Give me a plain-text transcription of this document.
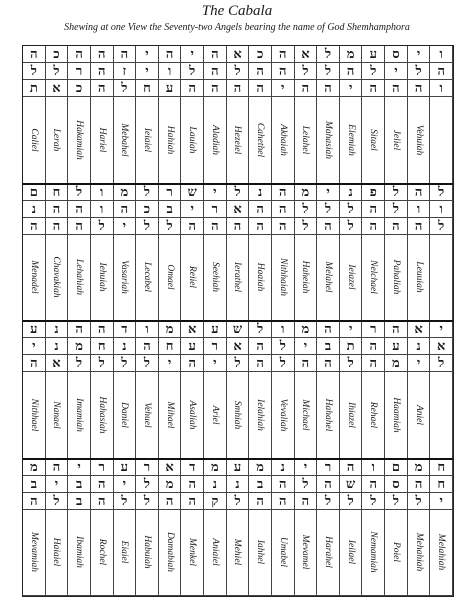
The Cabala
Shewing at one View the Seventy-two Angels bearing the name of God Shemhamphora
ה	כ	ה	ה	ה	י	ה	י	ה	א	כ	ה	א	ל	מ	ע	ס	י	ו
ל	ל	ר	ה	ז	י	ו	ל	ה	ל	ה	ה	ל	ל	ה	ל	י	ל	ה
ת	א	כ	ה	ל	ח	ע	ה	ה	ה	ה	י	ה	ה	י	ה	ה	ה	ו
Caliel Lerah Hakamiah Hariel Mebahel Ieiaiel Hahiah Lauiah Aladiah Hezeiel Cahethel Akhaiah Lelahel Mahasiah Elemiah Sitael Jeliel Vehuiah
ם	ח	ל	ו	מ	ל	ר	ש	י	ל	נ	ה	מ	י	נ	פ	ל	ה	ל
נ	ה	ה	ו	ה	כ	ב	י	ר	א	ה	ה	ל	ל	ל	ה	ל	ו	ו
ה	ה	ה	ל	י	ל	ל	ה	ה	ה	ה	ה	ל	ה	ל	ה	ה	ה	ל
Menadel Chavakiah Lehahiah Iehuiah Vasariah Lecabel Omael Reiiel Seehiah Ierathel Haaiah Nithhaiah Haheiah Melahel Ieiazel Nelchael Pahaliah Leuuiah
ע	נ	ה	ה	ד	ו	מ	א	ע	ש	ל	ו	מ	ה	י	ר	ה	א	י
י	נ	מ	ח	נ	ה	ח	ע	ר	א	ה	ל	י	ב	ת	ה	ע	נ	א
ה	א	ל	ל	ל	ל	י	ה	י	ל	ה	ל	ה	ה	ל	ה	מ	י	ל
Nithhael Nanael Imamiah Hahasiah Daniel Vehuel Mihael Asaliah Ariel Smhiah Ielahiah Vevaliah Michael Hahahel Ihiazel Rehael Haamiah Aniel
מ	ה	י	ר	ע	ר	א	ד	מ	ע	מ	נ	י	ר	ה	ו	ם	מ	ח
ב	י	ב	ה	י	ל	מ	ה	נ	נ	ב	ה	ל	ה	ש	ה	ס	ה	ח
ה	ל	ב	ה	ל	ל	ה	ה	ק	ל	ה	ה	ה	ל	ל	ל	ל	ל	י
Mevamiah Haiaiel Ibamiah Rochel Eiaiel Habuiah Damabiah Menkel Aniaiel Mehiel Iahhel Umabel Mevamel Harahel Ieilael Nemamiah Poiel Mehahiah Melahiah
